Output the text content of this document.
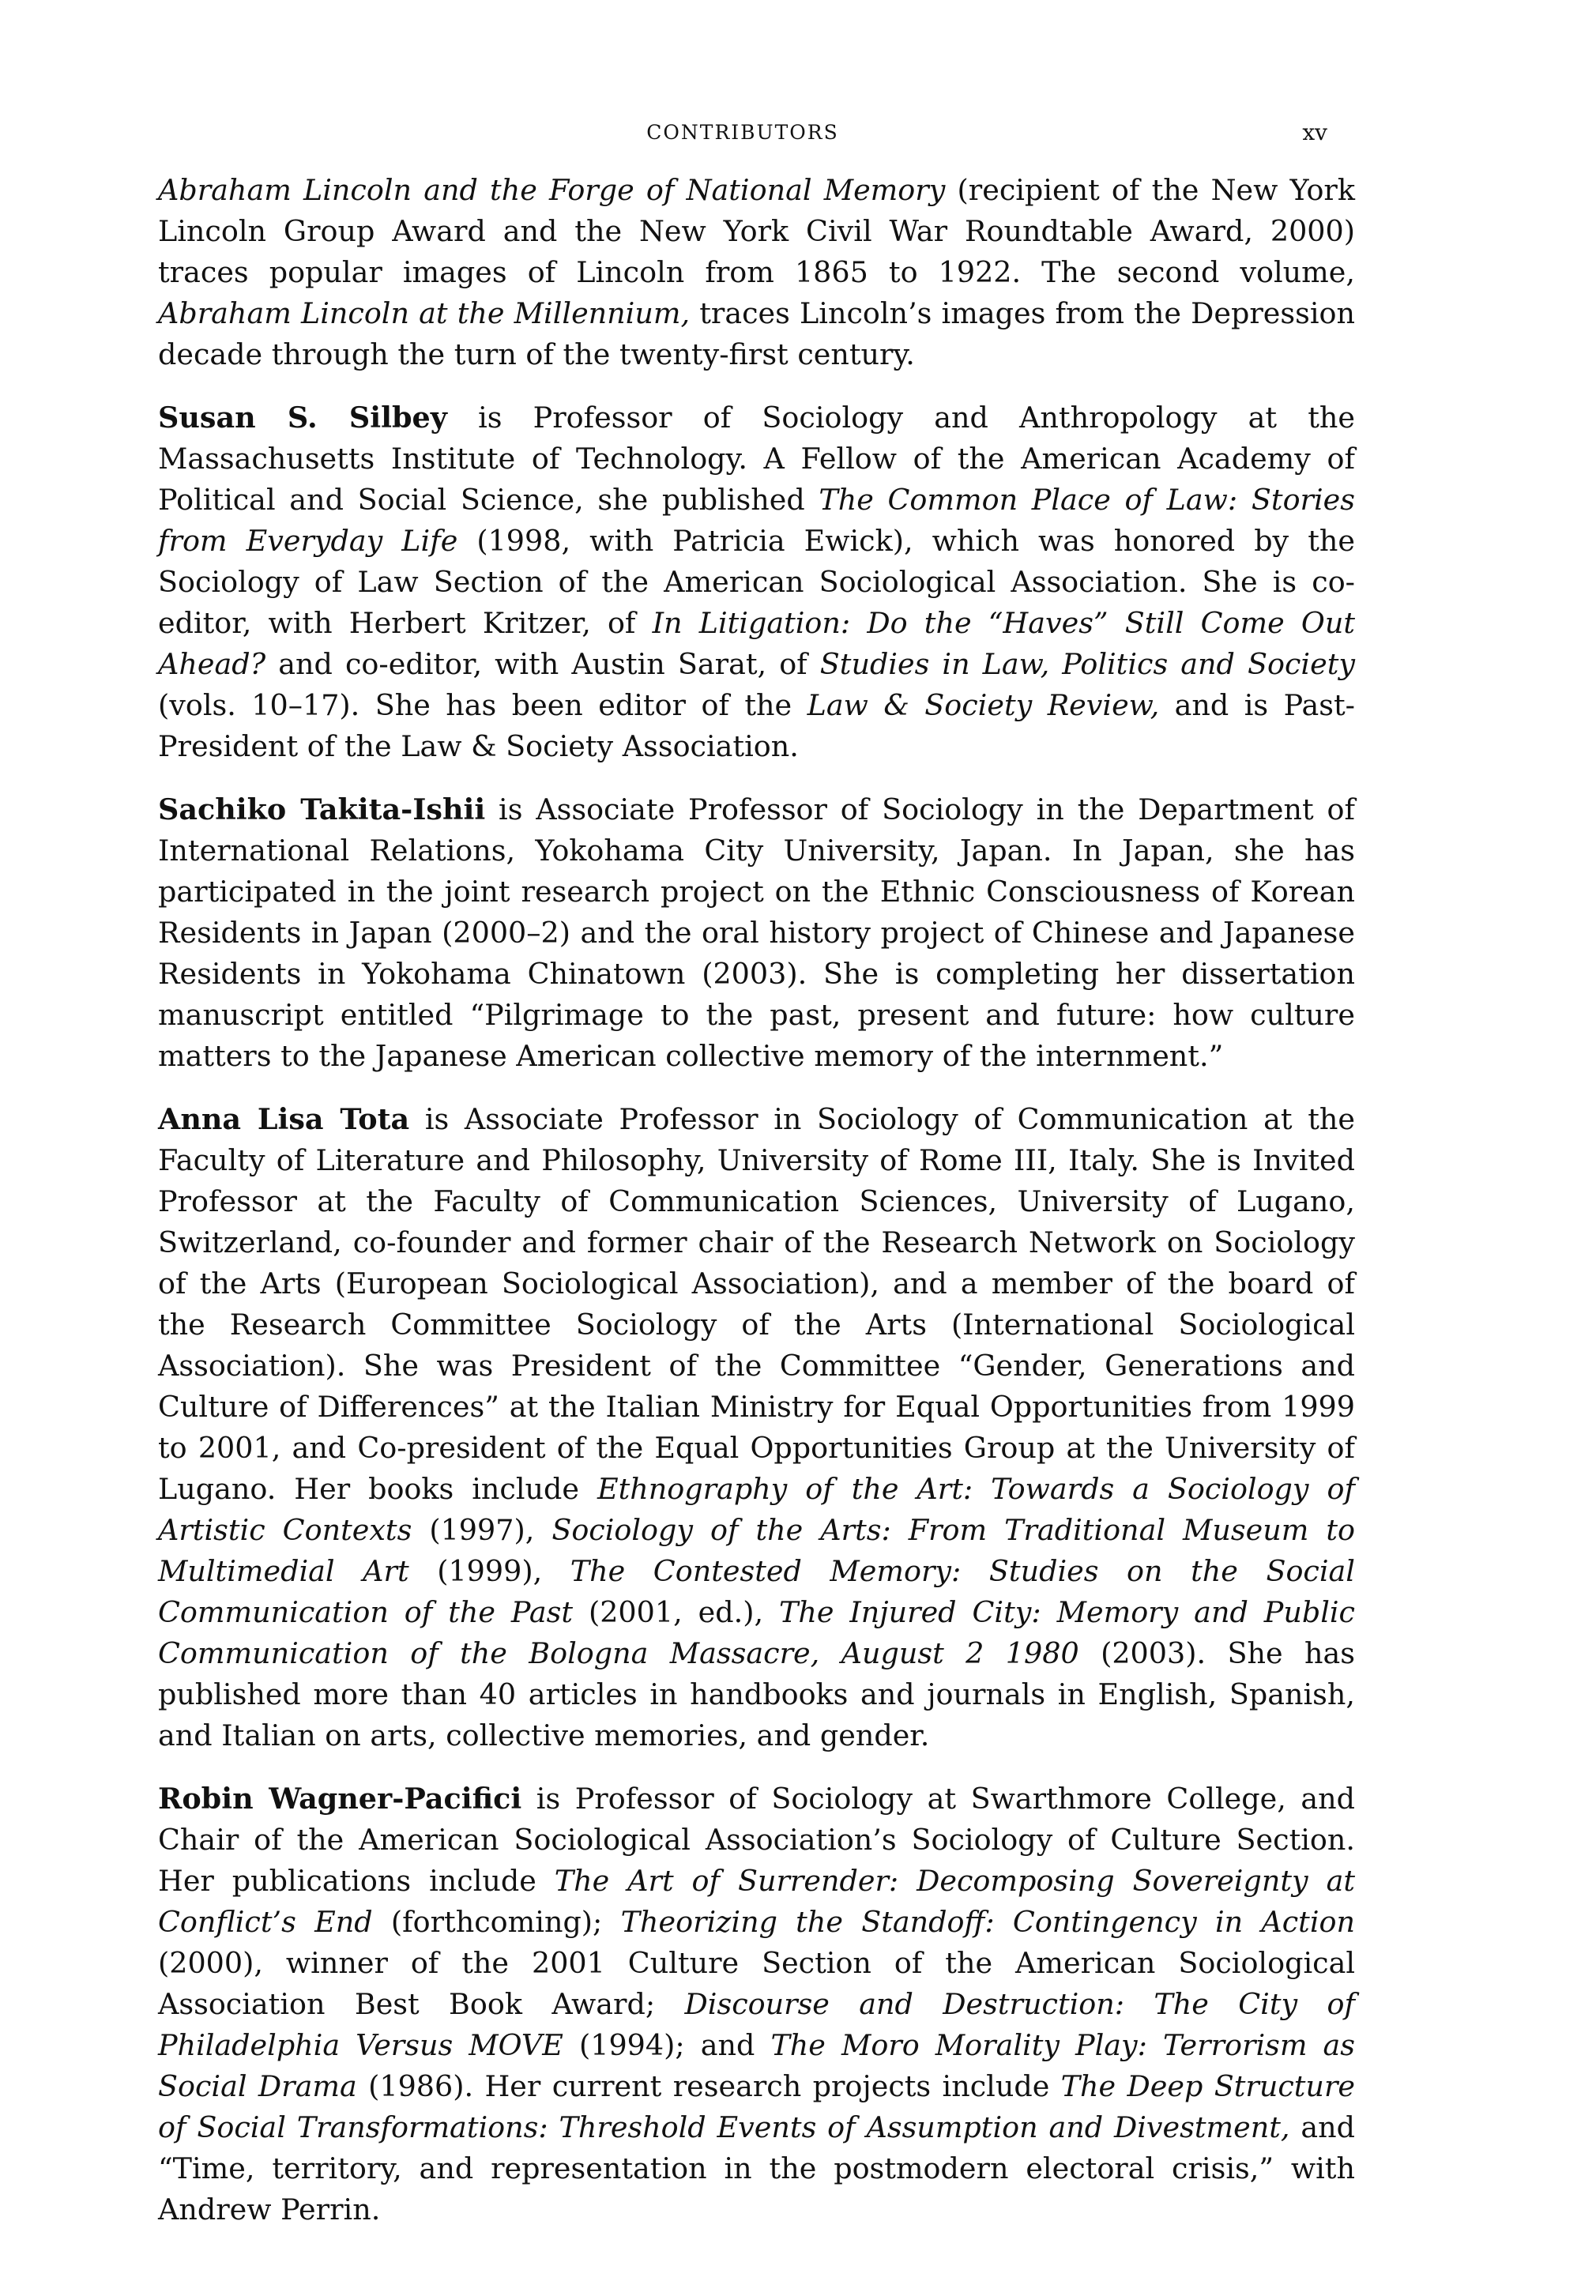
CONTRIBUTORS	xv

Abraham Lincoln and the Forge of National Memory (recipient of the New York Lincoln Group Award and the New York Civil War Roundtable Award, 2000) traces popular images of Lincoln from 1865 to 1922. The second volume, Abraham Lincoln at the Millennium, traces Lincoln’s images from the Depression decade through the turn of the twenty-first century.

Susan S. Silbey is Professor of Sociology and Anthropology at the Massachusetts Institute of Technology. A Fellow of the American Academy of Political and Social Science, she published The Common Place of Law: Stories from Everyday Life (1998, with Patricia Ewick), which was honored by the Sociology of Law Section of the American Sociological Association. She is co-editor, with Herbert Kritzer, of In Litigation: Do the “Haves” Still Come Out Ahead? and co-editor, with Austin Sarat, of Studies in Law, Politics and Society (vols. 10–17). She has been editor of the Law & Society Review, and is Past-President of the Law & Society Association.

Sachiko Takita-Ishii is Associate Professor of Sociology in the Department of International Relations, Yokohama City University, Japan. In Japan, she has participated in the joint research project on the Ethnic Consciousness of Korean Residents in Japan (2000–2) and the oral history project of Chinese and Japanese Residents in Yokohama Chinatown (2003). She is completing her dissertation manuscript entitled “Pilgrimage to the past, present and future: how culture matters to the Japanese American collective memory of the internment.”

Anna Lisa Tota is Associate Professor in Sociology of Communication at the Faculty of Literature and Philosophy, University of Rome III, Italy. She is Invited Professor at the Faculty of Communication Sciences, University of Lugano, Switzerland, co-founder and former chair of the Research Network on Sociology of the Arts (European Sociological Association), and a member of the board of the Research Committee Sociology of the Arts (International Sociological Association). She was President of the Committee “Gender, Generations and Culture of Differences” at the Italian Ministry for Equal Opportunities from 1999 to 2001, and Co-president of the Equal Opportunities Group at the University of Lugano. Her books include Ethnography of the Art: Towards a Sociology of Artistic Contexts (1997), Sociology of the Arts: From Traditional Museum to Multimedial Art (1999), The Contested Memory: Studies on the Social Communication of the Past (2001, ed.), The Injured City: Memory and Public Communication of the Bologna Massacre, August 2 1980 (2003). She has published more than 40 articles in handbooks and journals in English, Spanish, and Italian on arts, collective memories, and gender.

Robin Wagner-Pacifici is Professor of Sociology at Swarthmore College, and Chair of the American Sociological Association’s Sociology of Culture Section. Her publications include The Art of Surrender: Decomposing Sovereignty at Conflict’s End (forthcoming); Theorizing the Standoff: Contingency in Action (2000), winner of the 2001 Culture Section of the American Sociological Association Best Book Award; Discourse and Destruction: The City of Philadelphia Versus MOVE (1994); and The Moro Morality Play: Terrorism as Social Drama (1986). Her current research projects include The Deep Structure of Social Transformations: Threshold Events of Assumption and Divestment, and “Time, territory, and representation in the postmodern electoral crisis,” with Andrew Perrin.
